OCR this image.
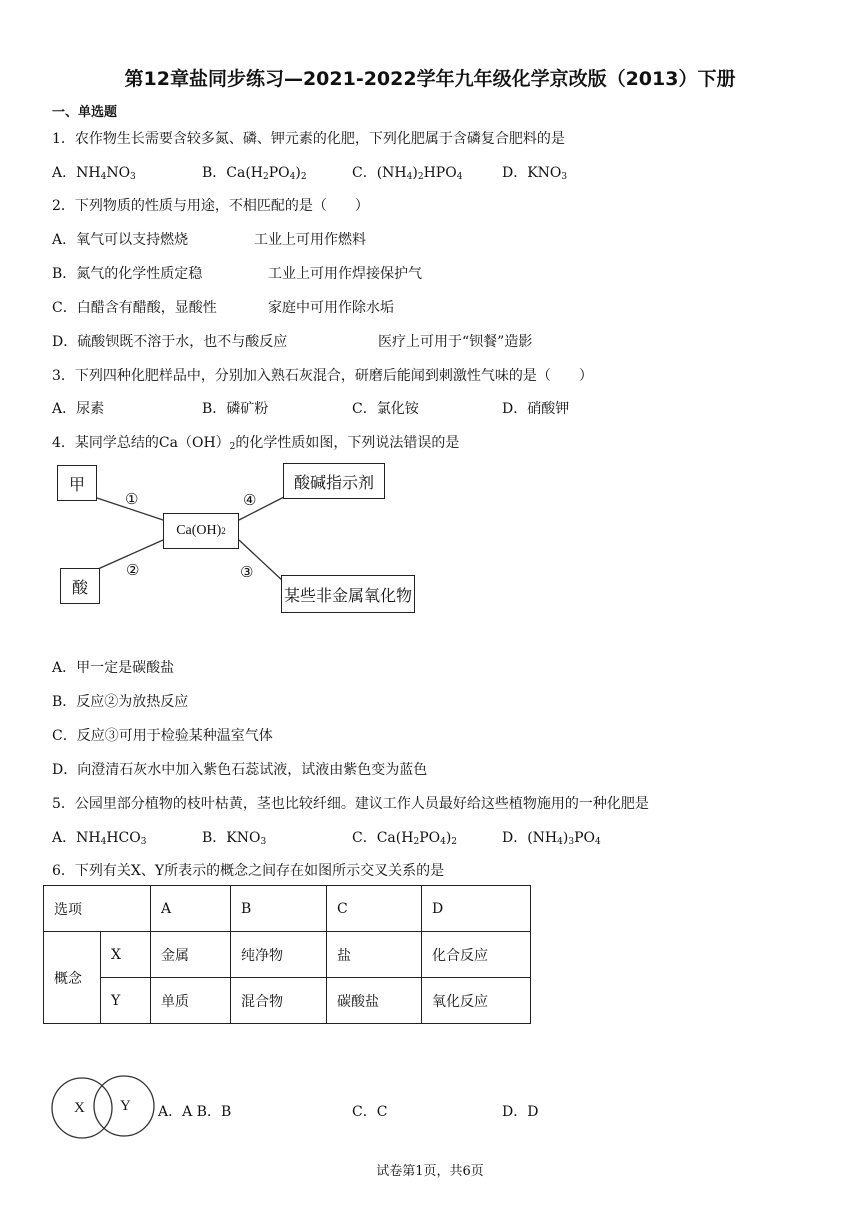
第12章盐同步练习—2021-2022学年九年级化学京改版（2013）下册
一、单选题
1．农作物生长需要含较多氮、磷、钾元素的化肥，下列化肥属于含磷复合肥料的是
A．$NH_4NO_3$	B．$Ca(H_2PO_4)_2$	C．$(NH_4)_2HPO_4$	D．$KNO_3$
2．下列物质的性质与用途，不相匹配的是（　　）
A．氧气可以支持燃烧	工业上可用作燃料
B．氮气的化学性质定稳	工业上可用作焊接保护气
C．白醋含有醋酸，显酸性	家庭中可用作除水垢
D．硫酸钡既不溶于水，也不与酸反应	医疗上可用于“钡餐”造影
3．下列四种化肥样品中，分别加入熟石灰混合，研磨后能闻到刺激性气味的是（　　）
A．尿素	B．磷矿粉	C．氯化铵	D．硝酸钾
4．某同学总结的$Ca(OH)_2$的化学性质如图，下列说法错误的是
甲
酸
Ca(OH) 2
酸碱指示剂
某些非金属氧化物
①
②	③
④
A．甲一定是碳酸盐
B．反应②为放热反应
C．反应③可用于检验某种温室气体
D．向澄清石灰水中加入紫色石蕊试液，试液由紫色变为蓝色
5．公园里部分植物的枝叶枯黄，茎也比较纤细。建议工作人员最好给这些植物施用的一种化肥是
A．$NH_4HCO_3$	B．$KNO_3$	C．$Ca(H_2PO_4)_2$	D．$(NH_4)_3PO_4$
6．下列有关X、Y所表示的概念之间存在如图所示交叉关系的是
选项		A	B	C	D
概念	X	金属	纯净物	盐	化合反应
	Y	单质	混合物	碳酸盐	氧化反应
X Y A．A B．B	C．C	D．D
试卷第1页，共6页
